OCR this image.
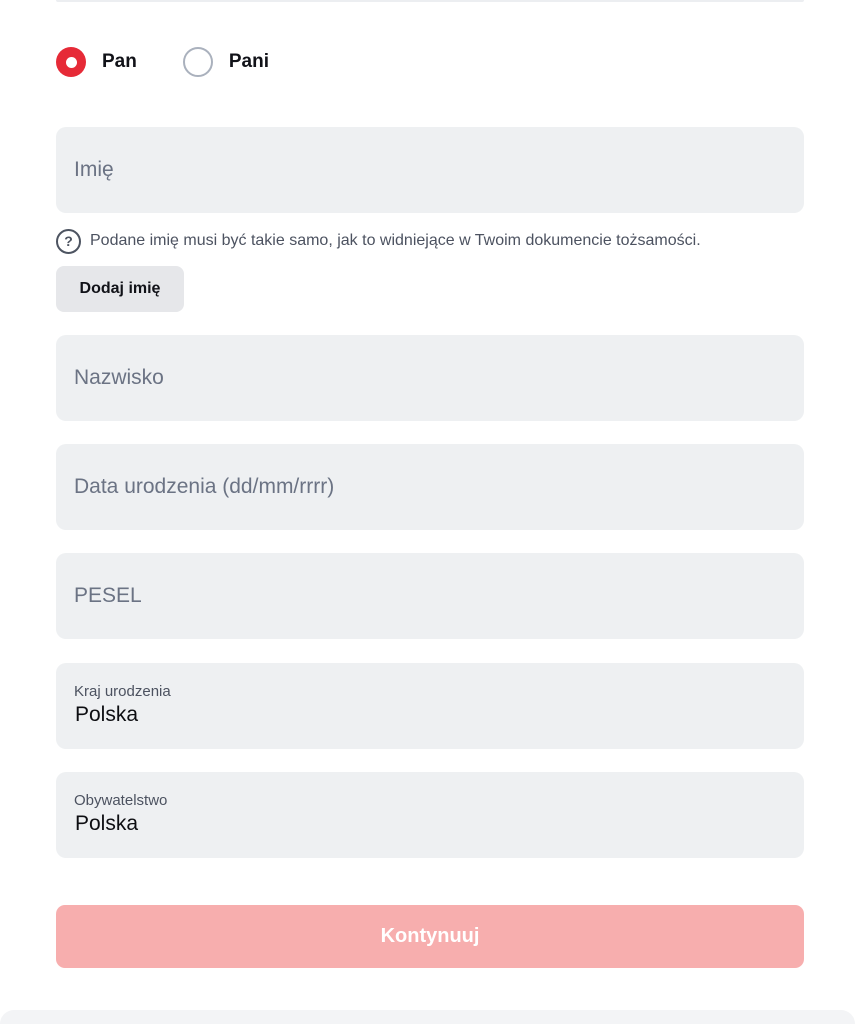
Pan	Pani
Imię
?	Podane imię musi być takie samo, jak to widniejące w Twoim dokumencie tożsamości.
Dodaj imię
Nazwisko
Data urodzenia (dd/mm/rrrr)
PESEL
Kraj urodzenia
Polska
Obywatelstwo
Polska
Kontynuuj
